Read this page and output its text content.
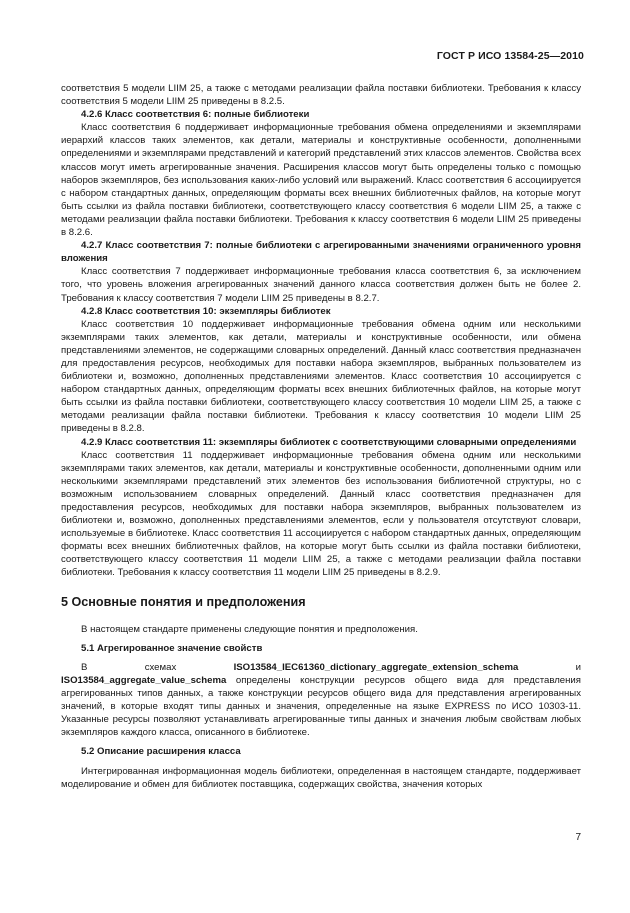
ГОСТ Р ИСО 13584-25—2010

соответствия 5 модели LIIM 25, а также с методами реализации файла поставки библиотеки. Требования к классу соответствия 5 модели LIIM 25 приведены в 8.2.5.

4.2.6 Класс соответствия 6: полные библиотеки

Класс соответствия 6 поддерживает информационные требования обмена определениями и экземплярами иерархий классов таких элементов, как детали, материалы и конструктивные особенности, дополненными определениями и экземплярами представлений и категорий представлений этих классов элементов. Свойства всех классов могут иметь агрегированные значения. Расширения классов могут быть определены только с помощью наборов экземпляров, без использования каких-либо условий или выражений. Класс соответствия 6 ассоциируется с набором стандартных данных, определяющим форматы всех внешних библиотечных файлов, на которые могут быть ссылки из файла поставки библиотеки, соответствующего классу соответствия 6 модели LIIM 25, а также с методами реализации файла поставки библиотеки. Требования к классу соответствия 6 модели LIIM 25 приведены в 8.2.6.

4.2.7 Класс соответствия 7: полные библиотеки с агрегированными значениями ограниченного уровня вложения

Класс соответствия 7 поддерживает информационные требования класса соответствия 6, за исключением того, что уровень вложения агрегированных значений данного класса соответствия должен быть не более 2. Требования к классу соответствия 7 модели LIIM 25 приведены в 8.2.7.

4.2.8 Класс соответствия 10: экземпляры библиотек

Класс соответствия 10 поддерживает информационные требования обмена одним или несколькими экземплярами таких элементов, как детали, материалы и конструктивные особенности, или обмена представлениями элементов, не содержащими словарных определений. Данный класс соответствия предназначен для предоставления ресурсов, необходимых для поставки набора экземпляров, выбранных пользователем из библиотеки и, возможно, дополненных представлениями элементов. Класс соответствия 10 ассоциируется с набором стандартных данных, определяющим форматы всех внешних библиотечных файлов, на которые могут быть ссылки из файла поставки библиотеки, соответствующего классу соответствия 10 модели LIIM 25, а также с методами реализации файла поставки библиотеки. Требования к классу соответствия 10 модели LIIM 25 приведены в 8.2.8.

4.2.9 Класс соответствия 11: экземпляры библиотек с соответствующими словарными определениями

Класс соответствия 11 поддерживает информационные требования обмена одним или несколькими экземплярами таких элементов, как детали, материалы и конструктивные особенности, дополненными одним или несколькими экземплярами представлений этих элементов без использования библиотечной структуры, но с возможным использованием словарных определений. Данный класс соответствия предназначен для предоставления ресурсов, необходимых для поставки набора экземпляров, выбранных пользователем из библиотеки и, возможно, дополненных представлениями элементов, если у пользователя отсутствуют словари, используемые в библиотеке. Класс соответствия 11 ассоциируется с набором стандартных данных, определяющим форматы всех внешних библиотечных файлов, на которые могут быть ссылки из файла поставки библиотеки, соответствующего классу соответствия 11 модели LIIM 25, а также с методами реализации файла поставки библиотеки. Требования к классу соответствия 11 модели LIIM 25 приведены в 8.2.9.

5 Основные понятия и предположения

В настоящем стандарте применены следующие понятия и предположения.

5.1 Агрегированное значение свойств

В схемах ISO13584_IEC61360_dictionary_aggregate_extension_schema и ISO13584_aggregate_value_schema определены конструкции ресурсов общего вида для представления агрегированных типов данных, а также конструкции ресурсов общего вида для представления агрегированных значений, в которые входят типы данных и значения, определенные на языке EXPRESS по ИСО 10303-11. Указанные ресурсы позволяют устанавливать агрегированные типы данных и значения любым свойствам любых экземпляров каждого класса, описанного в библиотеке.

5.2 Описание расширения класса

Интегрированная информационная модель библиотеки, определенная в настоящем стандарте, поддерживает моделирование и обмен для библиотек поставщика, содержащих свойства, значения которых

7
